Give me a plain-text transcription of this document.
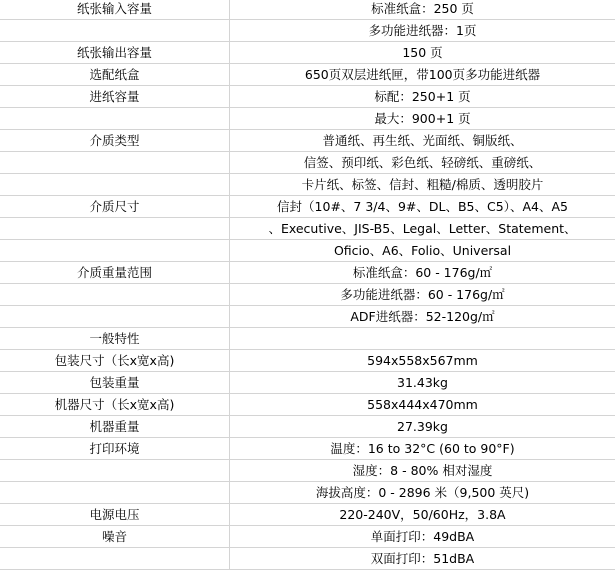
纸张输入容量	标准纸盒：250 页
	多功能进纸器：1页
纸张输出容量	150 页
选配纸盒	650页双层进纸匣，带100页多功能进纸器
进纸容量	标配：250+1 页
	最大：900+1 页
介质类型	普通纸、再生纸、光面纸、铜版纸、
	信签、预印纸、彩色纸、轻磅纸、重磅纸、
	卡片纸、标签、信封、粗糙/棉质、透明胶片
介质尺寸	信封（10#、7 3/4、9#、DL、B5、C5）、A4、A5
	、Executive、JIS-B5、Legal、Letter、Statement、
	Oficio、A6、Folio、Universal
介质重量范围	标准纸盒：60 - 176g/㎡
	多功能进纸器：60 - 176g/㎡
	ADF进纸器：52-120g/㎡
一般特性	
包装尺寸（长x宽x高)	594x558x567mm
包装重量	31.43kg
机器尺寸（长x宽x高)	558x444x470mm
机器重量	27.39kg
打印环境	温度：16 to 32°C (60 to 90°F)
	湿度：8 - 80% 相对湿度
	海拔高度：0 - 2896 米（9,500 英尺)
电源电压	220-240V，50/60Hz，3.8A
噪音	单面打印：49dBA
	双面打印：51dBA
